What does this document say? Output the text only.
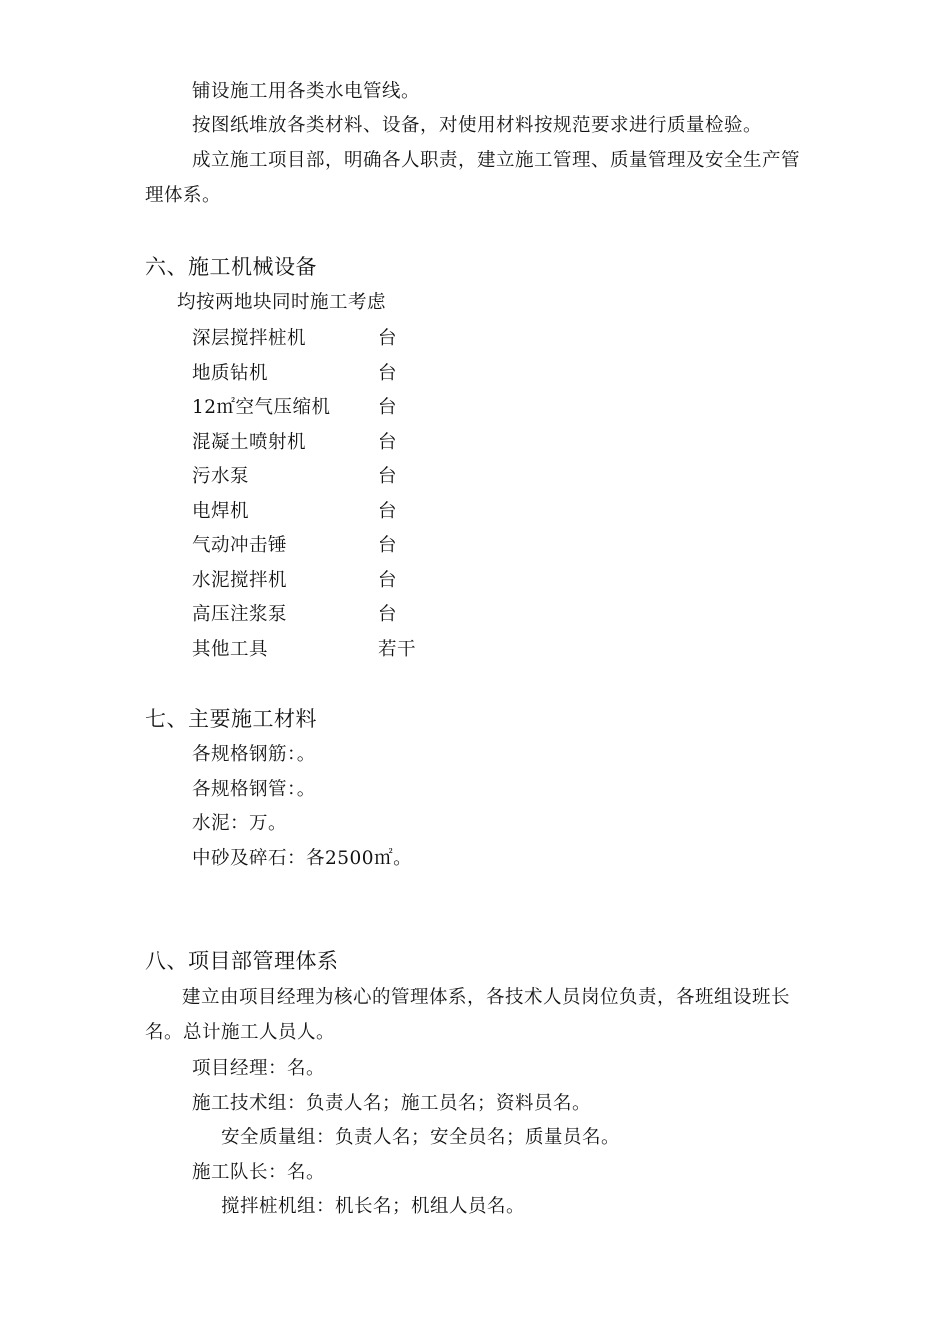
铺设施工用各类水电管线。
按图纸堆放各类材料、设备，对使用材料按规范要求进行质量检验。
成立施工项目部，明确各人职责，建立施工管理、质量管理及安全生产管
理体系。
六、施工机械设备
均按两地块同时施工考虑
深层搅拌桩机	台
地质钻机	台
12㎡空气压缩机	台
混凝土喷射机	台
污水泵	台
电焊机	台
气动冲击锤	台
水泥搅拌机	台
高压注浆泵	台
其他工具	若干
七、主要施工材料
各规格钢筋：。
各规格钢管：。
水泥：万。
中砂及碎石：各2500㎡。
八、项目部管理体系
建立由项目经理为核心的管理体系，各技术人员岗位负责，各班组设班长
名。总计施工人员人。
项目经理：名。
施工技术组：负责人名；施工员名；资料员名。
安全质量组：负责人名；安全员名；质量员名。
施工队长：名。
搅拌桩机组：机长名；机组人员名。
